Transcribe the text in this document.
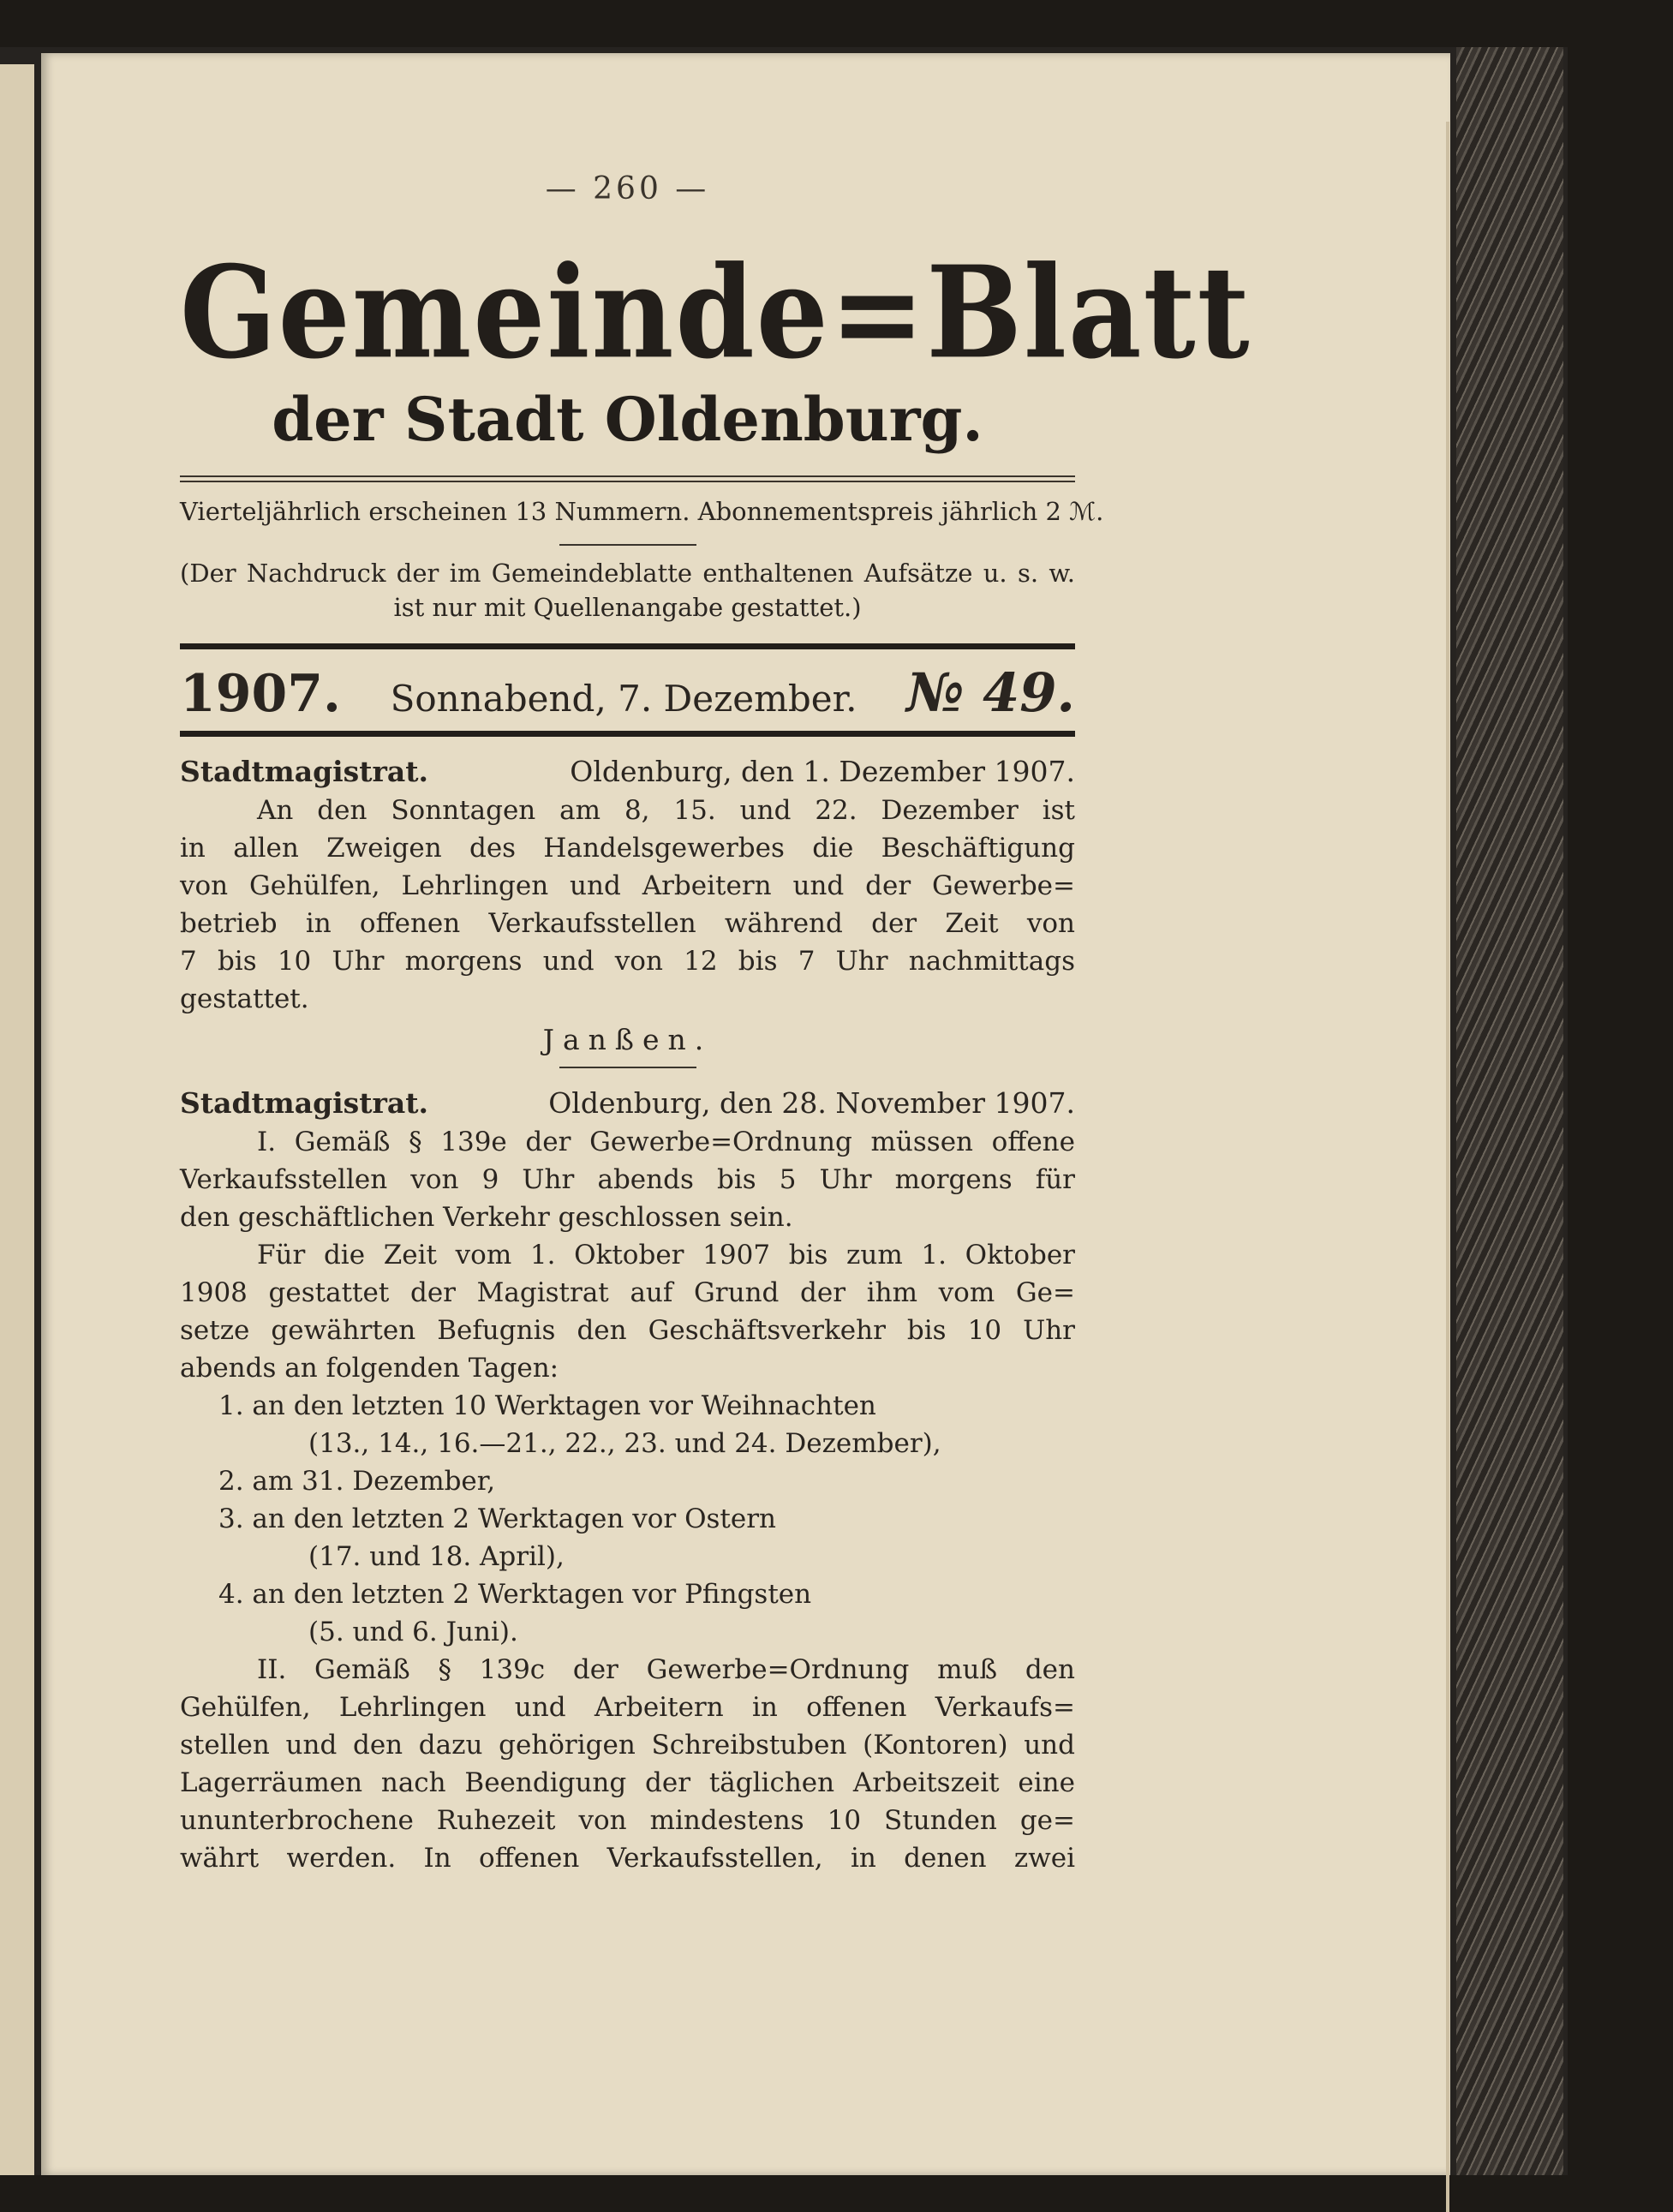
— 260 —
Gemeinde=Blatt
der Stadt Oldenburg.
Vierteljährlich erscheinen 13 Nummern. Abonnementspreis jährlich 2 ℳ.
(Der Nachdruck der im Gemeindeblatte enthaltenen Aufsätze u. s. w.
ist nur mit Quellenangabe gestattet.)
1907. Sonnabend, 7. Dezember. № 49.
Stadtmagistrat.	Oldenburg, den 1. Dezember 1907.
An den Sonntagen am 8, 15. und 22. Dezember ist
in allen Zweigen des Handelsgewerbes die Beschäftigung
von Gehülfen, Lehrlingen und Arbeitern und der Gewerbe=
betrieb in offenen Verkaufsstellen während der Zeit von
7 bis 10 Uhr morgens und von 12 bis 7 Uhr nachmittags
gestattet.
Janßen.
Stadtmagistrat.	Oldenburg, den 28. November 1907.
I. Gemäß § 139e der Gewerbe=Ordnung müssen offene
Verkaufsstellen von 9 Uhr abends bis 5 Uhr morgens für
den geschäftlichen Verkehr geschlossen sein.
Für die Zeit vom 1. Oktober 1907 bis zum 1. Oktober
1908 gestattet der Magistrat auf Grund der ihm vom Ge=
setze gewährten Befugnis den Geschäftsverkehr bis 10 Uhr
abends an folgenden Tagen:
1. an den letzten 10 Werktagen vor Weihnachten
(13., 14., 16.—21., 22., 23. und 24. Dezember),
2. am 31. Dezember,
3. an den letzten 2 Werktagen vor Ostern
(17. und 18. April),
4. an den letzten 2 Werktagen vor Pfingsten
(5. und 6. Juni).
II. Gemäß § 139c der Gewerbe=Ordnung muß den
Gehülfen, Lehrlingen und Arbeitern in offenen Verkaufs=
stellen und den dazu gehörigen Schreibstuben (Kontoren) und
Lagerräumen nach Beendigung der täglichen Arbeitszeit eine
ununterbrochene Ruhezeit von mindestens 10 Stunden ge=
währt werden. In offenen Verkaufsstellen, in denen zwei
